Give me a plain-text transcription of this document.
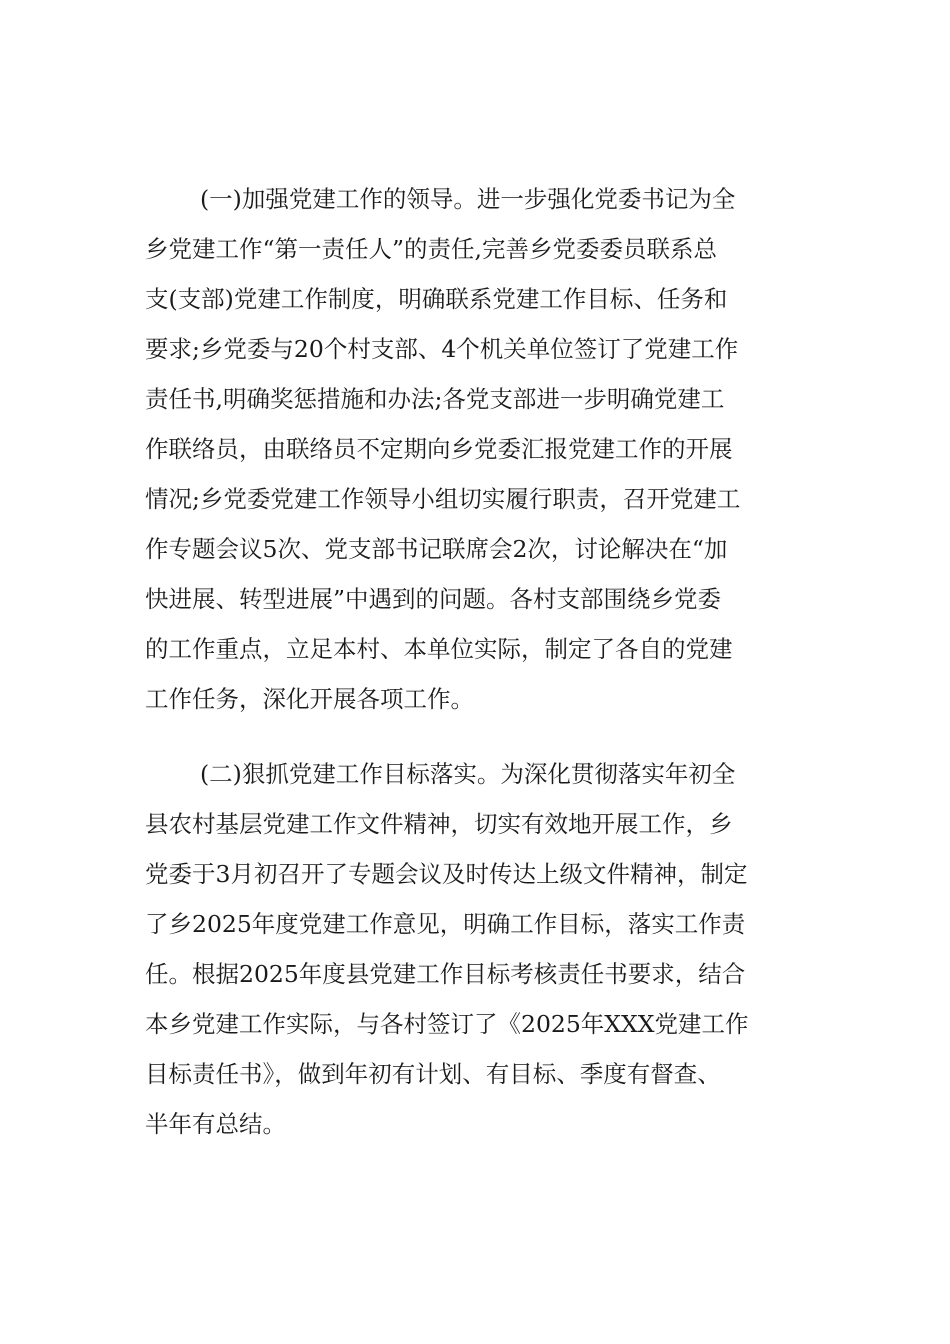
(一)加强党建工作的领导。进一步强化党委书记为全
乡党建工作“第一责任人”的责任,完善乡党委委员联系总
支(支部)党建工作制度，明确联系党建工作目标、任务和
要求;乡党委与20个村支部、4个机关单位签订了党建工作
责任书,明确奖惩措施和办法;各党支部进一步明确党建工
作联络员，由联络员不定期向乡党委汇报党建工作的开展
情况;乡党委党建工作领导小组切实履行职责，召开党建工
作专题会议5次、党支部书记联席会2次，讨论解决在“加
快进展、转型进展”中遇到的问题。各村支部围绕乡党委
的工作重点，立足本村、本单位实际，制定了各自的党建
工作任务，深化开展各项工作。
(二)狠抓党建工作目标落实。为深化贯彻落实年初全
县农村基层党建工作文件精神，切实有效地开展工作，乡
党委于3月初召开了专题会议及时传达上级文件精神，制定
了乡2025年度党建工作意见，明确工作目标，落实工作责
任。根据2025年度县党建工作目标考核责任书要求，结合
本乡党建工作实际，与各村签订了《2025年XXX党建工作
目标责任书》，做到年初有计划、有目标、季度有督查、
半年有总结。
